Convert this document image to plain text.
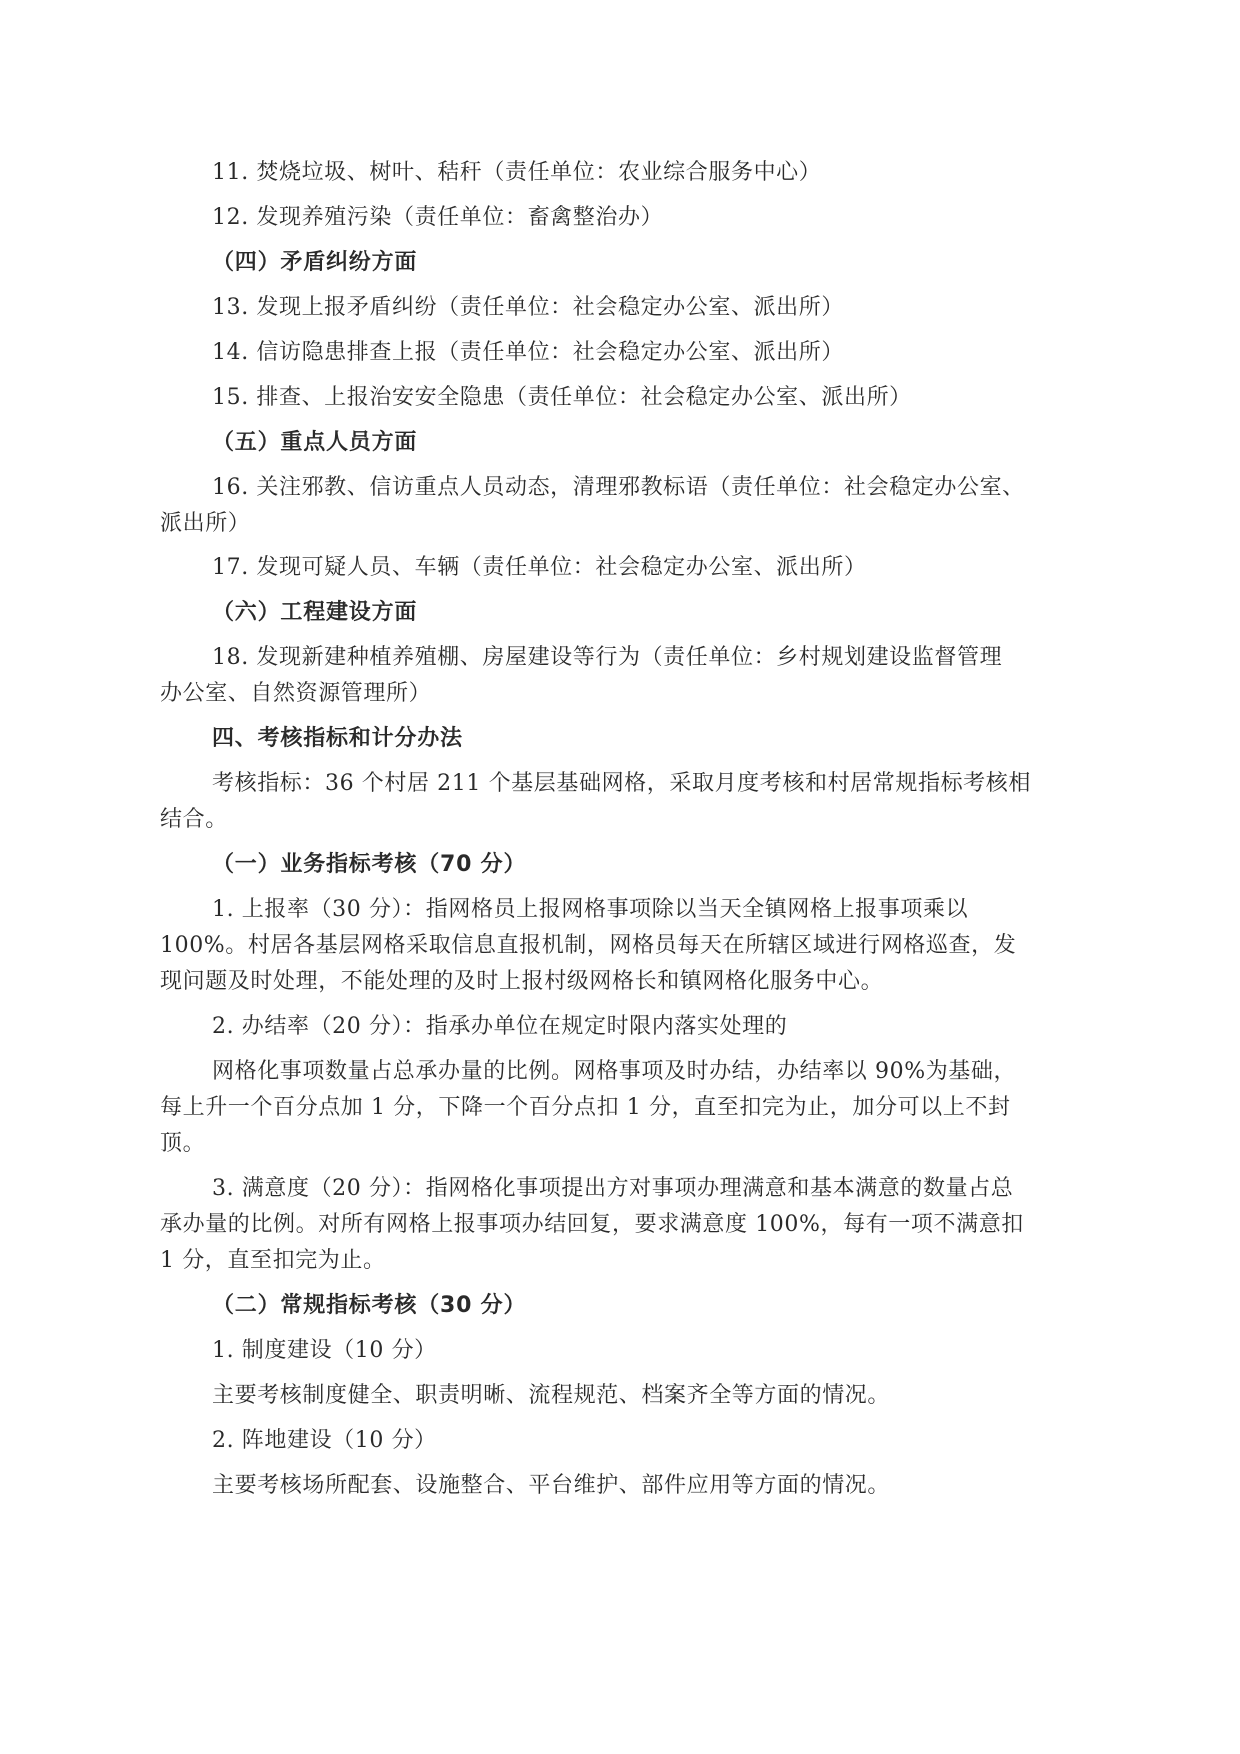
11. 焚烧垃圾、树叶、秸秆（责任单位：农业综合服务中心）
12. 发现养殖污染（责任单位：畜禽整治办）
（四）矛盾纠纷方面
13. 发现上报矛盾纠纷（责任单位：社会稳定办公室、派出所）
14. 信访隐患排查上报（责任单位：社会稳定办公室、派出所）
15. 排查、上报治安安全隐患（责任单位：社会稳定办公室、派出所）
（五）重点人员方面
16. 关注邪教、信访重点人员动态，清理邪教标语（责任单位：社会稳定办公室、
派出所）
17. 发现可疑人员、车辆（责任单位：社会稳定办公室、派出所）
（六）工程建设方面
18. 发现新建种植养殖棚、房屋建设等行为（责任单位：乡村规划建设监督管理
办公室、自然资源管理所）
四、考核指标和计分办法
考核指标：36 个村居 211 个基层基础网格，采取月度考核和村居常规指标考核相
结合。
（一）业务指标考核（70 分）
1. 上报率（30 分）：指网格员上报网格事项除以当天全镇网格上报事项乘以
100%。村居各基层网格采取信息直报机制，网格员每天在所辖区域进行网格巡查，发
现问题及时处理，不能处理的及时上报村级网格长和镇网格化服务中心。
2. 办结率（20 分）：指承办单位在规定时限内落实处理的
网格化事项数量占总承办量的比例。网格事项及时办结，办结率以 90%为基础，
每上升一个百分点加 1 分，下降一个百分点扣 1 分，直至扣完为止，加分可以上不封
顶。
3. 满意度（20 分）：指网格化事项提出方对事项办理满意和基本满意的数量占总
承办量的比例。对所有网格上报事项办结回复，要求满意度 100%，每有一项不满意扣
1 分，直至扣完为止。
（二）常规指标考核（30 分）
1. 制度建设（10 分）
主要考核制度健全、职责明晰、流程规范、档案齐全等方面的情况。
2. 阵地建设（10 分）
主要考核场所配套、设施整合、平台维护、部件应用等方面的情况。
